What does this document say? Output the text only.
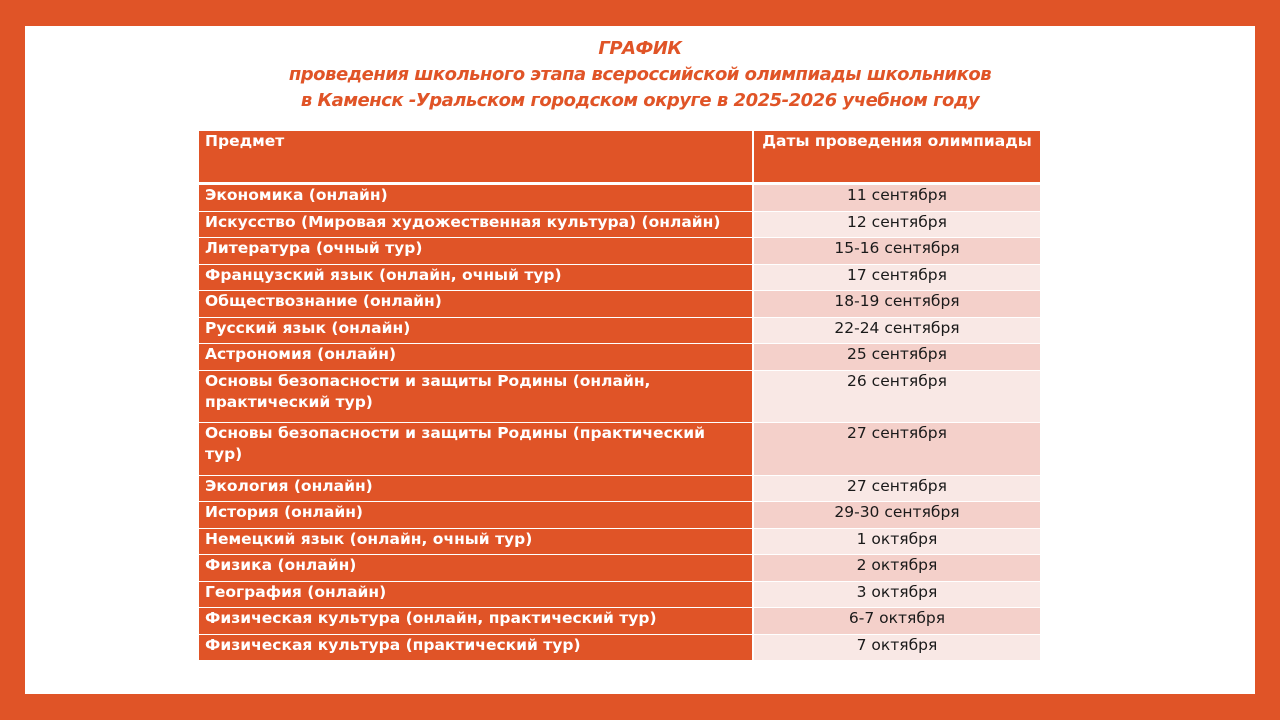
ГРАФИК
проведения школьного этапа всероссийской олимпиады школьников
в Каменск -Уральском городском округе в 2025-2026 учебном году
Предмет	Даты проведения олимпиады
Экономика (онлайн)	11 сентября
Искусство (Мировая художественная культура) (онлайн)	12 сентября
Литература (очный тур)	15-16 сентября
Французский язык (онлайн, очный тур)	17 сентября
Обществознание (онлайн)	18-19 сентября
Русский язык (онлайн)	22-24 сентября
Астрономия (онлайн)	25 сентября
Основы безопасности и защиты Родины (онлайн, практический тур)	26 сентября
Основы безопасности и защиты Родины (практический тур)	27 сентября
Экология (онлайн)	27 сентября
История (онлайн)	29-30 сентября
Немецкий язык (онлайн, очный тур)	1 октября
Физика (онлайн)	2 октября
География (онлайн)	3 октября
Физическая культура (онлайн, практический тур)	6-7 октября
Физическая культура (практический тур)	7 октября
